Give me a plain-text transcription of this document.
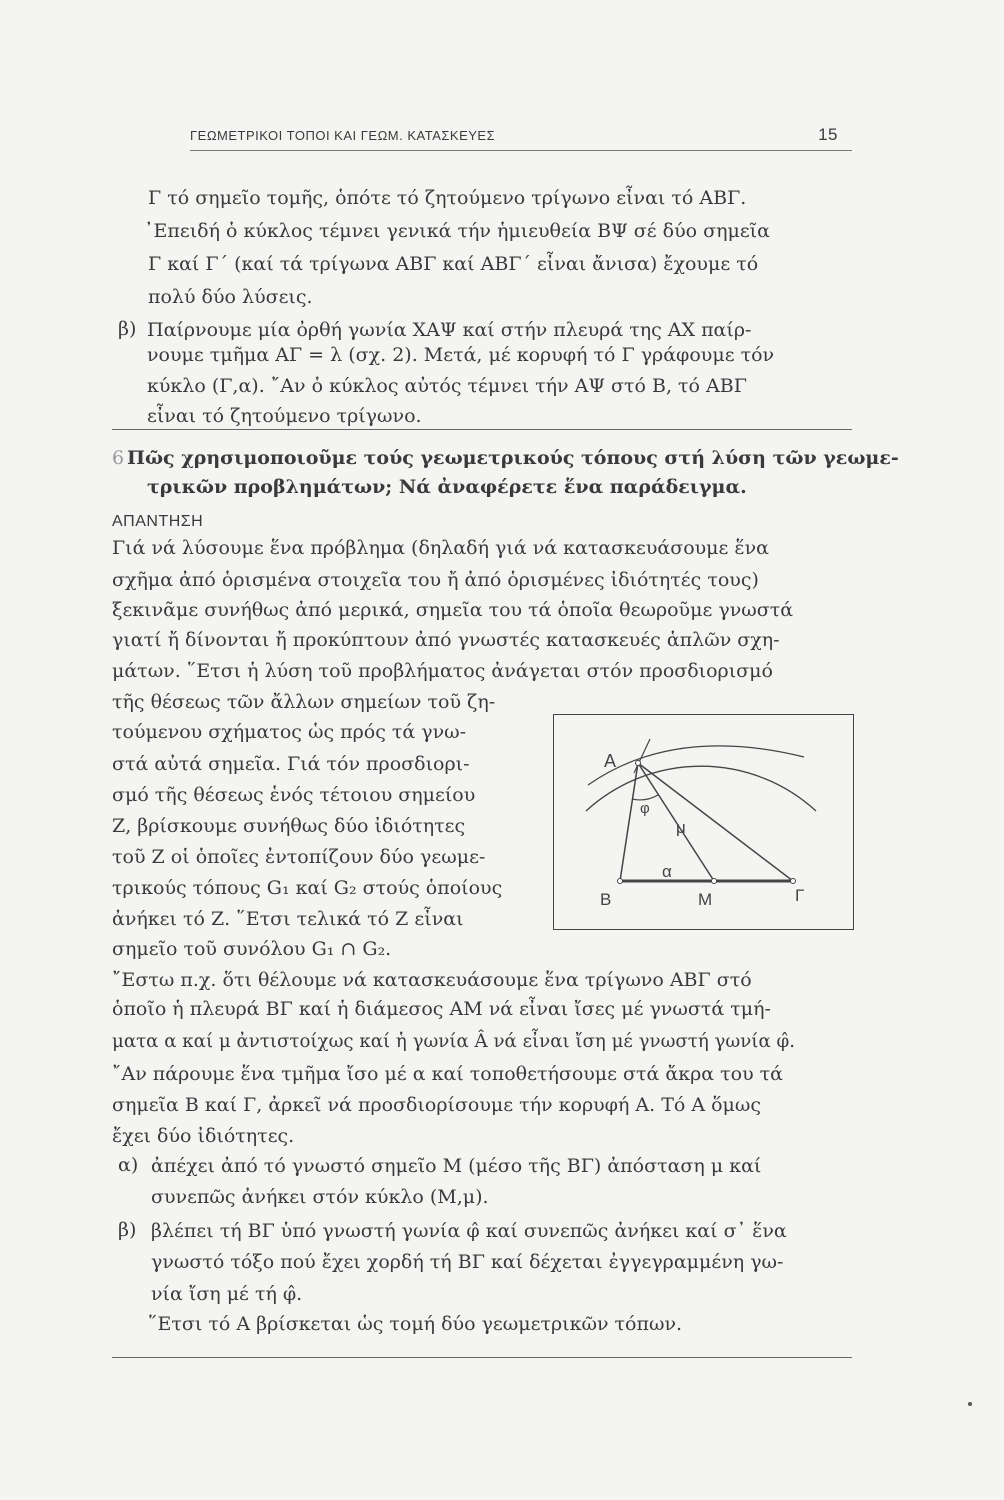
ΓΕΩΜΕΤΡΙΚΟΙ ΤΟΠΟΙ ΚΑΙ ΓΕΩΜ. ΚΑΤΑΣΚΕΥΕΣ	15
Γ τό σημεῖο τομῆς, ὁπότε τό ζητούμενο τρίγωνο εἶναι τό ΑΒΓ.
᾽Επειδή ὁ κύκλος τέμνει γενικά τήν ἡμιευθεία ΒΨ σέ δύο σημεῖα
Γ καί Γ΄ (καί τά τρίγωνα ΑΒΓ καί ΑΒΓ΄ εἶναι ἄνισα) ἔχουμε τό
πολύ δύο λύσεις.
β) Παίρνουμε μία ὀρθή γωνία ΧΑΨ καί στήν πλευρά της ΑΧ παίρ-
νουμε τμῆμα ΑΓ = λ (σχ. 2). Μετά, μέ κορυφή τό Γ γράφουμε τόν
κύκλο (Γ,α). ῎Αν ὁ κύκλος αὐτός τέμνει τήν ΑΨ στό Β, τό ΑΒΓ
εἶναι τό ζητούμενο τρίγωνο.
6 Πῶς χρησιμοποιοῦμε τούς γεωμετρικούς τόπους στή λύση τῶν γεωμε-
τρικῶν προβλημάτων; Νά ἀναφέρετε ἕνα παράδειγμα.
ΑΠΑΝΤΗΣΗ
Γιά νά λύσουμε ἕνα πρόβλημα (δηλαδή γιά νά κατασκευάσουμε ἕνα
σχῆμα ἀπό ὁρισμένα στοιχεῖα του ἤ ἀπό ὁρισμένες ἰδιότητές τους)
ξεκινᾶμε συνήθως ἀπό μερικά, σημεῖα του τά ὁποῖα θεωροῦμε γνωστά
γιατί ἤ δίνονται ἤ προκύπτουν ἀπό γνωστές κατασκευές ἁπλῶν σχη-
μάτων. ῞Ετσι ἡ λύση τοῦ προβλήματος ἀνάγεται στόν προσδιορισμό
τῆς θέσεως τῶν ἄλλων σημείων τοῦ ζη-
τούμενου σχήματος ὡς πρός τά γνω-
στά αὐτά σημεῖα. Γιά τόν προσδιορι-
σμό τῆς θέσεως ἑνός τέτοιου σημείου
Ζ, βρίσκουμε συνήθως δύο ἰδιότητες
τοῦ Ζ οἱ ὁποῖες ἐντοπίζουν δύο γεωμε-
τρικούς τόπους G₁ καί G₂ στούς ὁποίους
ἀνήκει τό Ζ. ῞Ετσι τελικά τό Ζ εἶναι
σημεῖο τοῦ συνόλου G₁ ∩ G₂.
Α
Β	Μ	Γ
φ
μ
α
῎Εστω π.χ. ὅτι θέλουμε νά κατασκευάσουμε ἕνα τρίγωνο ΑΒΓ στό
ὁποῖο ἡ πλευρά ΒΓ καί ἡ διάμεσος ΑΜ νά εἶναι ἴσες μέ γνωστά τμή-
ματα α καί μ ἀντιστοίχως καί ἡ γωνία Â νά εἶναι ἴση μέ γνωστή γωνία φ̂.
῎Αν πάρουμε ἕνα τμῆμα ἴσο μέ α καί τοποθετήσουμε στά ἄκρα του τά
σημεῖα Β καί Γ, ἀρκεῖ νά προσδιορίσουμε τήν κορυφή Α. Τό Α ὅμως
ἔχει δύο ἰδιότητες.
α) ἀπέχει ἀπό τό γνωστό σημεῖο Μ (μέσο τῆς ΒΓ) ἀπόσταση μ καί
συνεπῶς ἀνήκει στόν κύκλο (Μ,μ).
β) βλέπει τή ΒΓ ὑπό γνωστή γωνία φ̂ καί συνεπῶς ἀνήκει καί σ᾽ ἕνα
γνωστό τόξο πού ἔχει χορδή τή ΒΓ καί δέχεται ἐγγεγραμμένη γω-
νία ἴση μέ τή φ̂.
῞Ετσι τό Α βρίσκεται ὡς τομή δύο γεωμετρικῶν τόπων.
